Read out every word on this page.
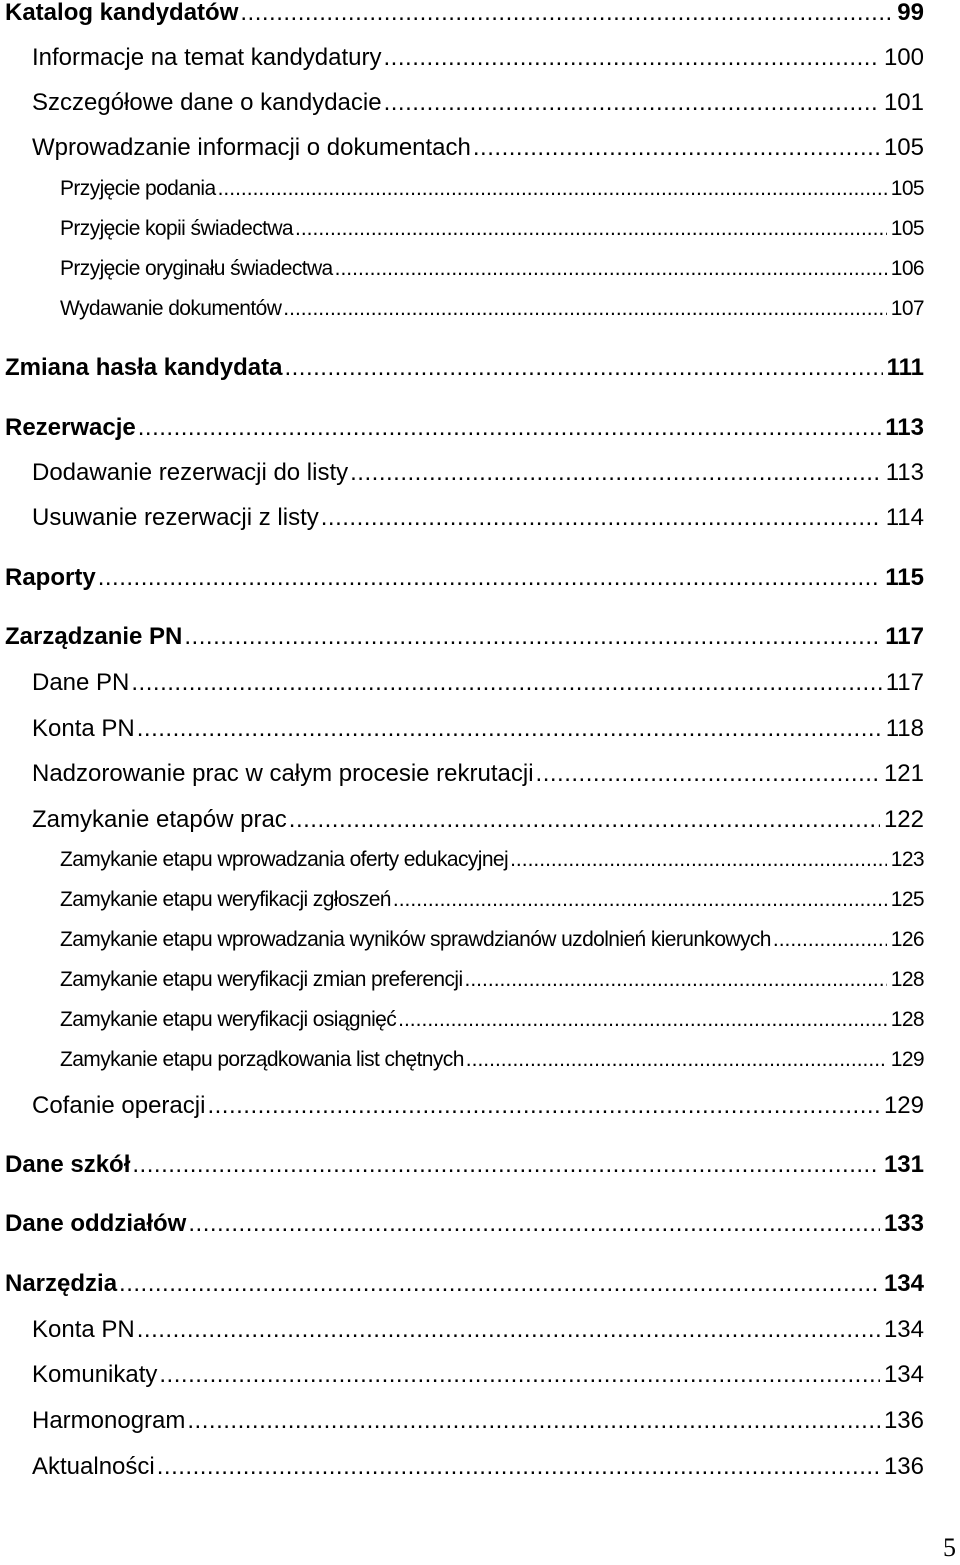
Katalog kandydatów .....	99
Informacje na temat kandydatury .....	100
Szczegółowe dane o kandydacie .....	101
Wprowadzanie informacji o dokumentach .....	105
Przyjęcie podania .....	105
Przyjęcie kopii świadectwa .....	105
Przyjęcie oryginału świadectwa .....	106
Wydawanie dokumentów .....	107
Zmiana hasła kandydata .....	111
Rezerwacje .....	113
Dodawanie rezerwacji do listy .....	113
Usuwanie rezerwacji z listy .....	114
Raporty .....	115
Zarządzanie PN .....	117
Dane PN .....	117
Konta PN .....	118
Nadzorowanie prac w całym procesie rekrutacji .....	121
Zamykanie etapów prac .....	122
Zamykanie etapu wprowadzania oferty edukacyjnej .....	123
Zamykanie etapu weryfikacji zgłoszeń .....	125
Zamykanie etapu wprowadzania wyników sprawdzianów uzdolnień kierunkowych .....	126
Zamykanie etapu weryfikacji zmian preferencji .....	128
Zamykanie etapu weryfikacji osiągnięć .....	128
Zamykanie etapu porządkowania list chętnych .....	129
Cofanie operacji .....	129
Dane szkół .....	131
Dane oddziałów .....	133
Narzędzia .....	134
Konta PN .....	134
Komunikaty .....	134
Harmonogram .....	136
Aktualności .....	136
5
